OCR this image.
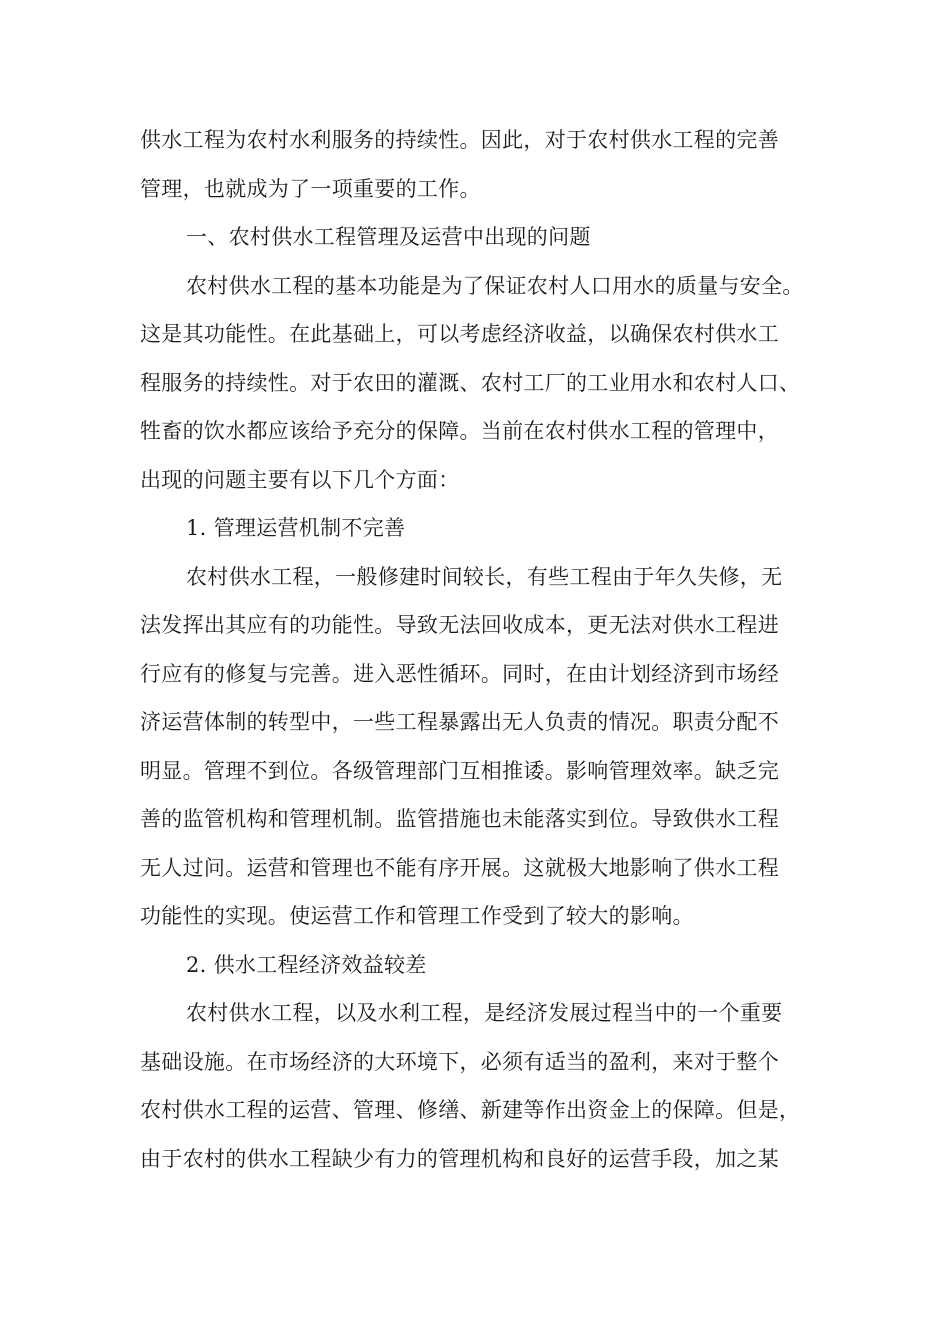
供水工程为农村水利服务的持续性。因此，对于农村供水工程的完善
管理，也就成为了一项重要的工作。
一、农村供水工程管理及运营中出现的问题
农村供水工程的基本功能是为了保证农村人口用水的质量与安全。
这是其功能性。在此基础上，可以考虑经济收益，以确保农村供水工
程服务的持续性。对于农田的灌溉、农村工厂的工业用水和农村人口、
牲畜的饮水都应该给予充分的保障。当前在农村供水工程的管理中，
出现的问题主要有以下几个方面：
1. 管理运营机制不完善
农村供水工程，一般修建时间较长，有些工程由于年久失修，无
法发挥出其应有的功能性。导致无法回收成本，更无法对供水工程进
行应有的修复与完善。进入恶性循环。同时，在由计划经济到市场经
济运营体制的转型中，一些工程暴露出无人负责的情况。职责分配不
明显。管理不到位。各级管理部门互相推诿。影响管理效率。缺乏完
善的监管机构和管理机制。监管措施也未能落实到位。导致供水工程
无人过问。运营和管理也不能有序开展。这就极大地影响了供水工程
功能性的实现。使运营工作和管理工作受到了较大的影响。
2. 供水工程经济效益较差
农村供水工程，以及水利工程，是经济发展过程当中的一个重要
基础设施。在市场经济的大环境下，必须有适当的盈利，来对于整个
农村供水工程的运营、管理、修缮、新建等作出资金上的保障。但是，
由于农村的供水工程缺少有力的管理机构和良好的运营手段，加之某
